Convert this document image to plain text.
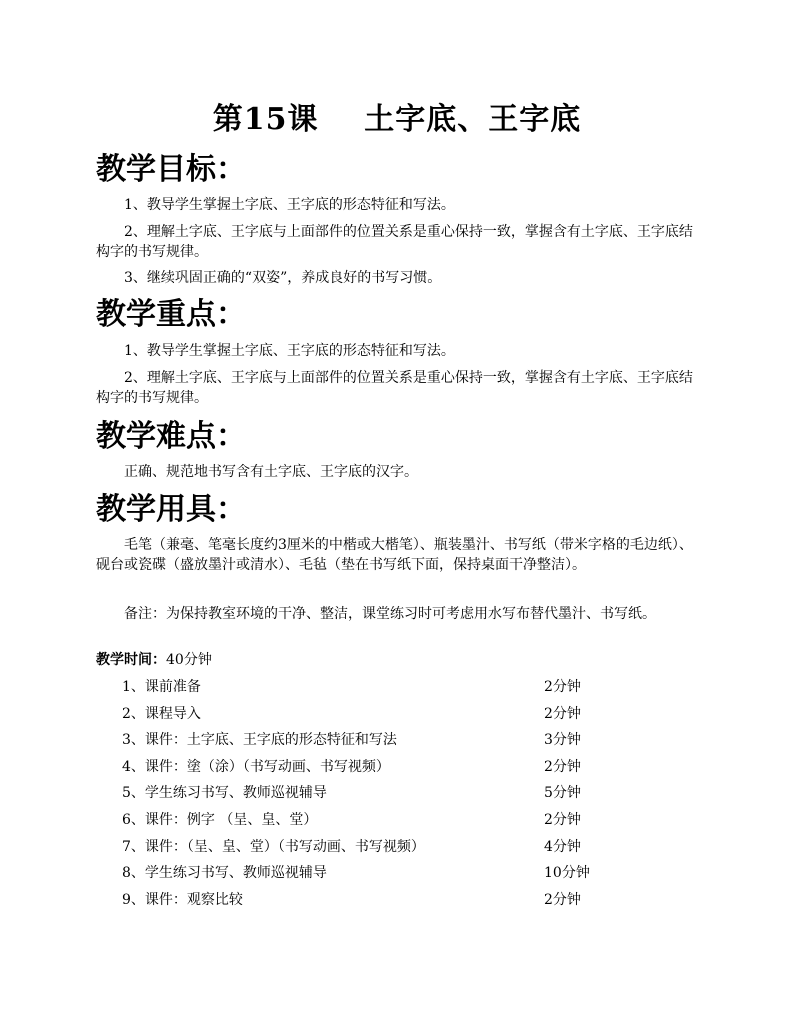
第15课    土字底、王字底
教学目标：
1、教导学生掌握土字底、王字底的形态特征和写法。
2、理解土字底、王字底与上面部件的位置关系是重心保持一致，掌握含有土字底、王字底结构字的书写规律。
3、继续巩固正确的“双姿”，养成良好的书写习惯。
教学重点：
1、教导学生掌握土字底、王字底的形态特征和写法。
2、理解土字底、王字底与上面部件的位置关系是重心保持一致，掌握含有土字底、王字底结构字的书写规律。
教学难点：
正确、规范地书写含有土字底、王字底的汉字。
教学用具：
毛笔（兼毫、笔毫长度约3厘米的中楷或大楷笔）、瓶装墨汁、书写纸（带米字格的毛边纸）、砚台或瓷碟（盛放墨汁或清水）、毛毡（垫在书写纸下面，保持桌面干净整洁）。
备注：为保持教室环境的干净、整洁，课堂练习时可考虑用水写布替代墨汁、书写纸。
教学时间：40分钟
1、课前准备	2分钟
2、课程导入	2分钟
3、课件：土字底、王字底的形态特征和写法	3分钟
4、课件：塗（涂）（书写动画、书写视频）	2分钟
5、学生练习书写、教师巡视辅导	5分钟
6、课件：例字 （呈、皇、堂）	2分钟
7、课件：（呈、皇、堂）（书写动画、书写视频）	4分钟
8、学生练习书写、教师巡视辅导	10分钟
9、课件：观察比较	2分钟
